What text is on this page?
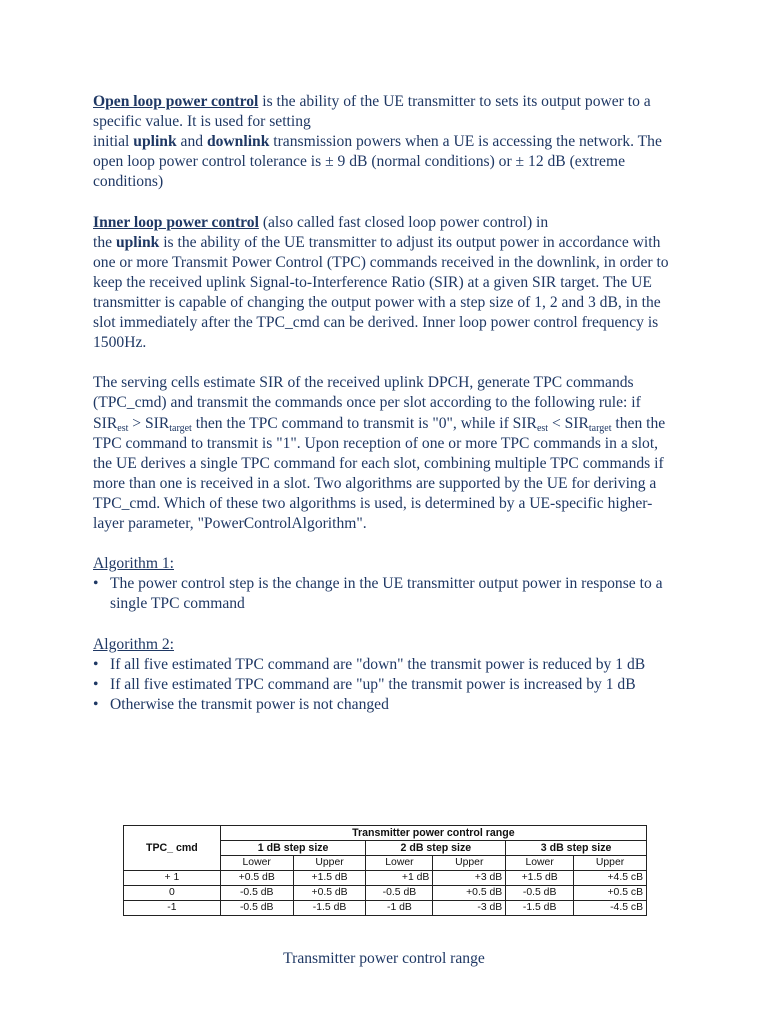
Open loop power control is the ability of the UE transmitter to sets its output power to a specific value. It is used for setting
initial uplink and downlink transmission powers when a UE is accessing the network. The open loop power control tolerance is ± 9 dB (normal conditions) or ± 12 dB (extreme conditions)

Inner loop power control (also called fast closed loop power control) in
the uplink is the ability of the UE transmitter to adjust its output power in accordance with one or more Transmit Power Control (TPC) commands received in the downlink, in order to keep the received uplink Signal-to-Interference Ratio (SIR) at a given SIR target. The UE transmitter is capable of changing the output power with a step size of 1, 2 and 3 dB, in the slot immediately after the TPC_cmd can be derived. Inner loop power control frequency is 1500Hz.

The serving cells estimate SIR of the received uplink DPCH, generate TPC commands (TPC_cmd) and transmit the commands once per slot according to the following rule: if $SIR_{est} > SIR_{target}$ then the TPC command to transmit is "0", while if $SIR_{est} < SIR_{target}$ then the TPC command to transmit is "1". Upon reception of one or more TPC commands in a slot, the UE derives a single TPC command for each slot, combining multiple TPC commands if more than one is received in a slot. Two algorithms are supported by the UE for deriving a TPC_cmd. Which of these two algorithms is used, is determined by a UE-specific higher-layer parameter, "PowerControlAlgorithm".

Algorithm 1:

• The power control step is the change in the UE transmitter output power in response to a single TPC command

Algorithm 2:

• If all five estimated TPC command are "down" the transmit power is reduced by 1 dB
• If all five estimated TPC command are "up" the transmit power is increased by 1 dB
• Otherwise the transmit power is not changed
TPC_ cmd	Transmitter power control range					
	1 dB step size		2 dB step size		3 dB step size	
	Lower	Upper	Lower	Upper	Lower	Upper
+ 1	+0.5 dB	+1.5 dB	+1 dB	+3 dB	+1.5 dB	+4.5 cB
0	-0.5 dB	+0.5 dB	-0.5 dB	+0.5 dB	-0.5 dB	+0.5 cB
-1	-0.5 dB	-1.5 dB	-1 dB	-3 dB	-1.5 dB	-4.5 cB
Transmitter power control range
